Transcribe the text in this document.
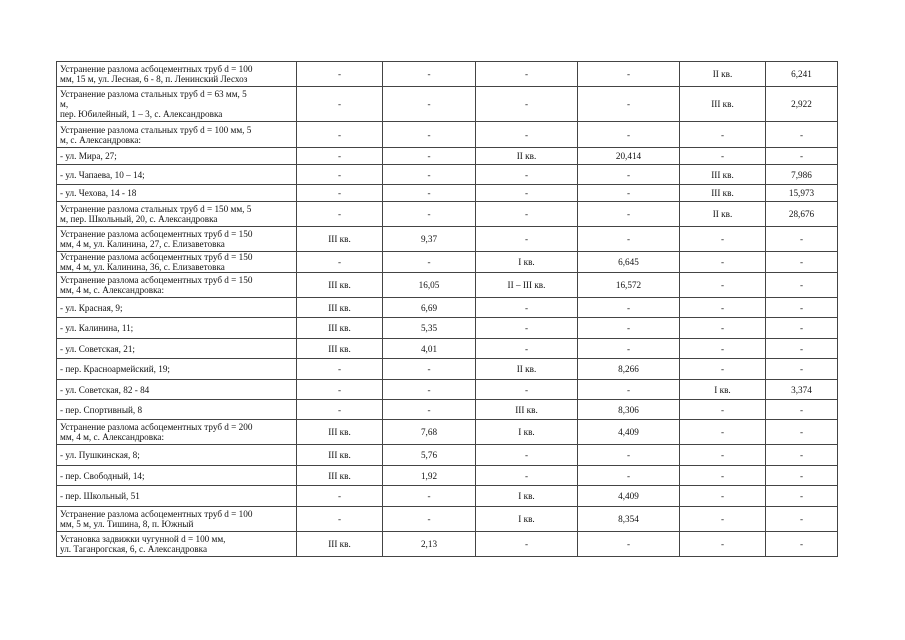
Устранение разлома асбоцементных труб d = 100
мм, 15 м, ул. Лесная, 6 - 8, п. Ленинский Лесхоз	-	-	-	-	II кв.	6,241
Устранение разлома стальных труб d = 63 мм, 5
м,
пер. Юбилейный, 1 – 3, с. Александровка	-	-	-	-	III кв.	2,922
Устранение разлома стальных труб d = 100 мм, 5
м, с. Александровка:	-	-	-	-	-	-
- ул. Мира, 27;	-	-	II кв.	20,414	-	-
- ул. Чапаева, 10 – 14;	-	-	-	-	III кв.	7,986
- ул. Чехова, 14 - 18	-	-	-	-	III кв.	15,973
Устранение разлома стальных труб d = 150 мм, 5
м, пер. Школьный, 20, с. Александровка	-	-	-	-	II кв.	28,676
Устранение разлома асбоцементных труб d = 150
мм, 4 м, ул. Калинина, 27, с. Елизаветовка	III кв.	9,37	-	-	-	-
Устранение разлома асбоцементных труб d = 150
мм, 4 м, ул. Калинина, 36, с. Елизаветовка	-	-	I кв.	6,645	-	-
Устранение разлома асбоцементных труб d = 150
мм, 4 м, с. Александровка:	III кв.	16,05	II – III кв.	16,572	-	-
- ул. Красная, 9;	III кв.	6,69	-	-	-	-
- ул. Калинина, 11;	III кв.	5,35	-	-	-	-
- ул. Советская, 21;	III кв.	4,01	-	-	-	-
- пер. Красноармейский, 19;	-	-	II кв.	8,266	-	-
- ул. Советская, 82 - 84	-	-	-	-	I кв.	3,374
- пер. Спортивный, 8	-	-	III кв.	8,306	-	-
Устранение разлома асбоцементных труб d = 200
мм, 4 м, с. Александровка:	III кв.	7,68	I кв.	4,409	-	-
- ул. Пушкинская, 8;	III кв.	5,76	-	-	-	-
- пер. Свободный, 14;	III кв.	1,92	-	-	-	-
- пер. Школьный, 51	-	-	I кв.	4,409	-	-
Устранение разлома асбоцементных труб d = 100
мм, 5 м, ул. Тишина, 8, п. Южный	-	-	I кв.	8,354	-	-
Установка задвижки чугунной d = 100 мм,
ул. Таганрогская, 6, с. Александровка	III кв.	2,13	-	-	-	-
